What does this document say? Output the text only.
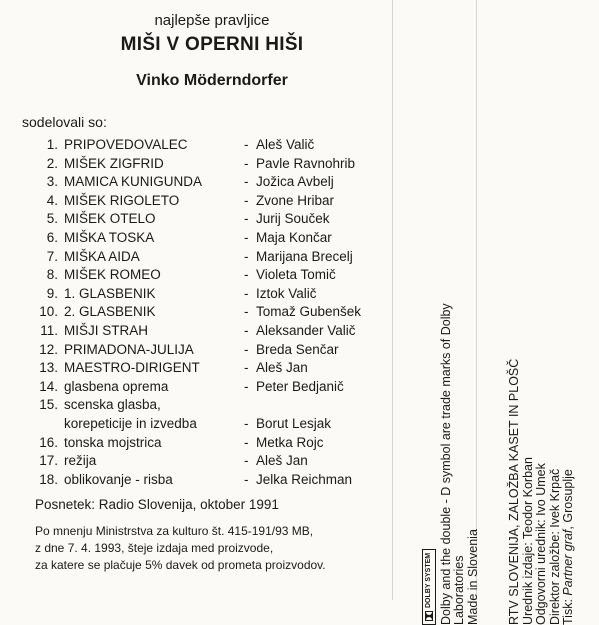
najlepše pravljice
MIŠI V OPERNI HIŠI
Vinko Möderndorfer
sodelovali so:
1. PRIPOVEDOVALEC	- Aleš Valič
2. MIŠEK ZIGFRID	- Pavle Ravnohrib
3. MAMICA KUNIGUNDA	- Jožica Avbelj
4. MIŠEK RIGOLETO	- Zvone Hribar
5. MIŠEK OTELO	- Jurij Souček
6. MIŠKA TOSKA	- Maja Končar
7. MIŠKA AIDA	- Marijana Brecelj
8. MIŠEK ROMEO	- Violeta Tomič
9. 1. GLASBENIK	- Iztok Valič
10. 2. GLASBENIK	- Tomaž Gubenšek
11. MIŠJI STRAH	- Aleksander Valič
12. PRIMADONA-JULIJA	- Breda Senčar
13. MAESTRO-DIRIGENT	- Aleš Jan
14. glasbena oprema	- Peter Bedjanič
15. scenska glasba,
korepeticije in izvedba	- Borut Lesjak
16. tonska mojstrica	- Metka Rojc
17. režija	- Aleš Jan
18. oblikovanje - risba	- Jelka Reichman
Posnetek: Radio Slovenija, oktober 1991
Po mnenju Ministrstva za kulturo št. 415-191/93 MB,
z dne 7. 4. 1993, šteje izdaja med proizvode,
za katere se plačuje 5% davek od prometa proizvodov.	DOLBY SYSTEM Dolby and the double - D symbol are trade marks of Dolby Laboratories Made in Slovenia RTV SLOVENIJA, ZALOŽBA KASET IN PLOŠČ Urednik izdaje: Teodor Korban Odgovorni urednik: Ivo Umek Direktor založbe: Ivek Krpač Tisk: Partner graf, Grosuplje
